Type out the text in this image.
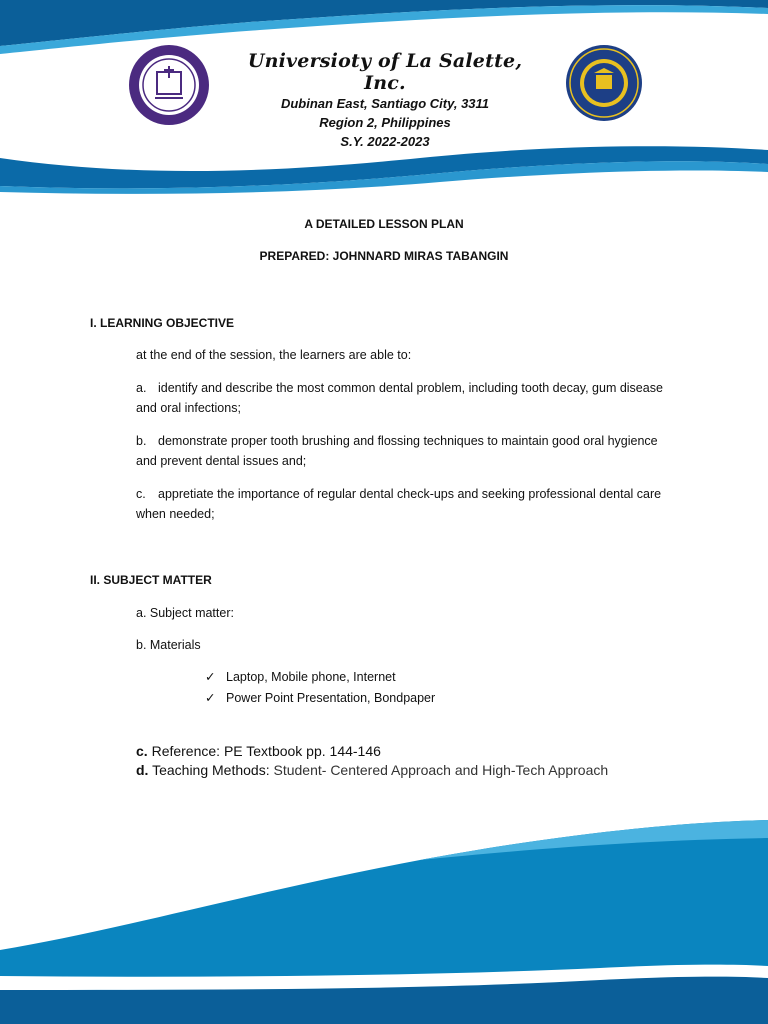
Universioty of La Salette, Inc.
Dubinan East, Santiago City, 3311
Region 2, Philippines
S.Y. 2022-2023
A DETAILED LESSON PLAN
PREPARED: JOHNNARD MIRAS TABANGIN
I. LEARNING OBJECTIVE
at the end of the session, the learners are able to:
a. identify and describe the most common dental problem, including tooth decay, gum disease and oral infections;
b. demonstrate proper tooth brushing and flossing techniques to maintain good oral hygience and prevent dental issues and;
c. appretiate the importance of regular dental check-ups and seeking professional dental care when needed;
II. SUBJECT MATTER
a. Subject matter:
b. Materials
✓ Laptop, Mobile phone, Internet
✓ Power Point Presentation, Bondpaper
c. Reference: PE Textbook pp. 144-146
d. Teaching Methods: Student- Centered Approach and High-Tech Approach
